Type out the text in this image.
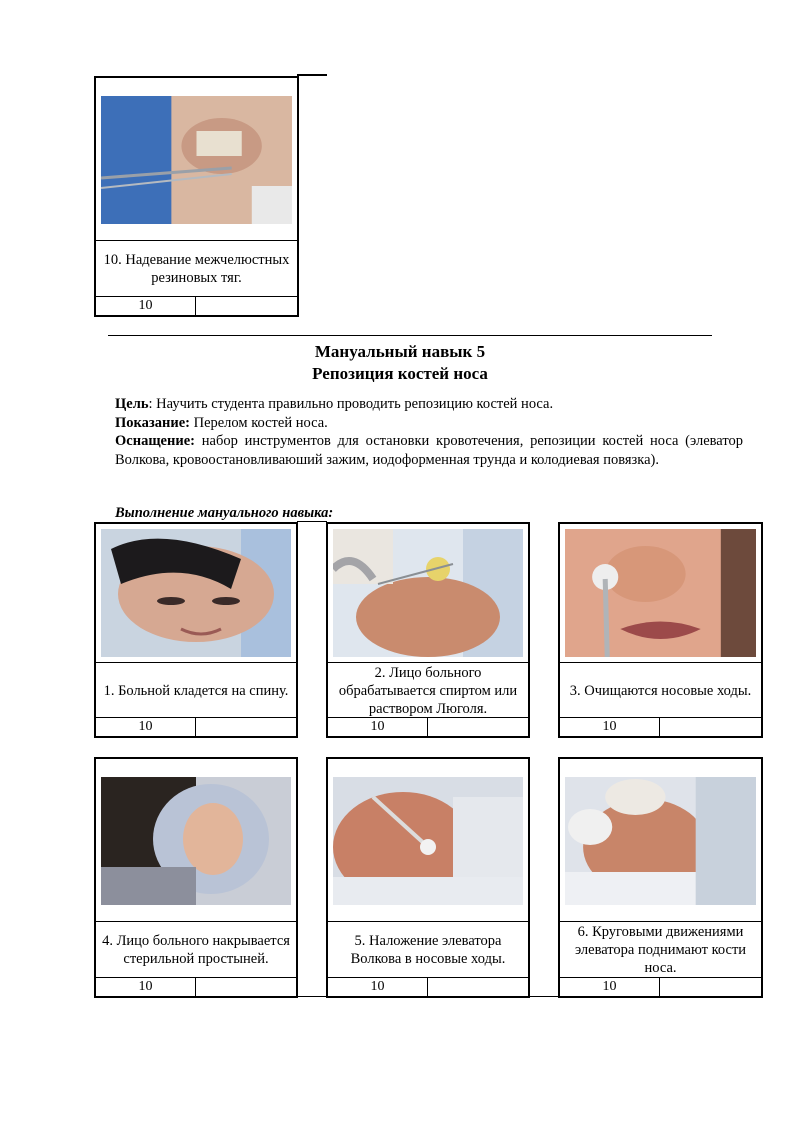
10. Надевание межчелюстных резиновых тяг.
10
Мануальный навык 5
Репозиция костей носа

Цель: Научить студента правильно проводить репозицию костей носа.

Показание: Перелом костей носа.

Оснащение: набор инструментов для остановки кровотечения, репозиции костей носа (элеватор Волкова, кровоостановливаюший зажим, иодоформенная трунда и колодиевая повязка).

Выполнение мануального навыка:
1. Больной кладется на спину.
10
2. Лицо больного обрабатывается спиртом или раствором Люголя.
10
3. Очищаются носовые ходы.
10
4. Лицо больного накрывается стерильной простыней.
10
5. Наложение элеватора Волкова в носовые ходы.
10
6. Круговыми движениями элеватора поднимают кости носа.
10
